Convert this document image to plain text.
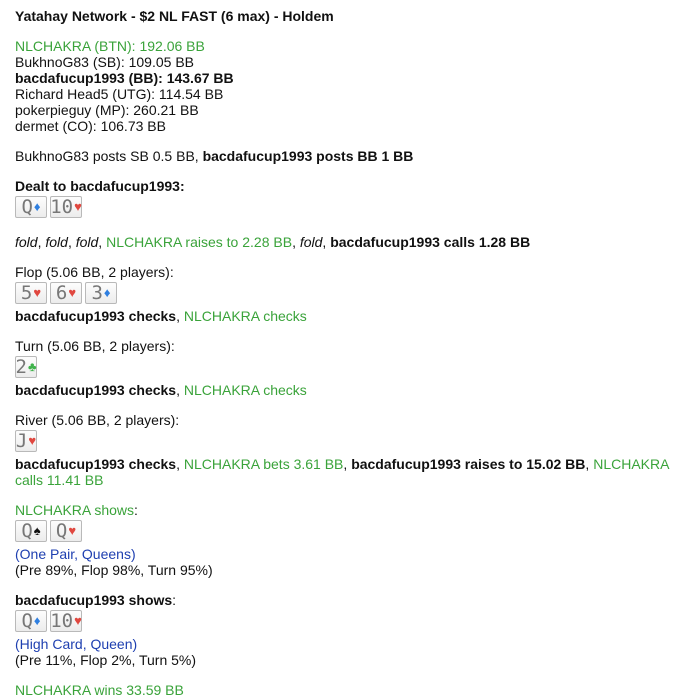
Yatahay Network - $2 NL FAST (6 max) - Holdem
NLCHAKRA (BTN): 192.06 BB
BukhnoG83 (SB): 109.05 BB
bacdafucup1993 (BB): 143.67 BB
Richard Head5 (UTG): 114.54 BB
pokerpieguy (MP): 260.21 BB
dermet (CO): 106.73 BB
BukhnoG83 posts SB 0.5 BB, bacdafucup1993 posts BB 1 BB
Dealt to bacdafucup1993:
Q ♦ 10 ♥
fold, fold, fold, NLCHAKRA raises to 2.28 BB, fold, bacdafucup1993 calls 1.28 BB
Flop (5.06 BB, 2 players):
5 ♥ 6 ♥ 3 ♦
bacdafucup1993 checks, NLCHAKRA checks
Turn (5.06 BB, 2 players):
2 ♣
bacdafucup1993 checks, NLCHAKRA checks
River (5.06 BB, 2 players):
J ♥
bacdafucup1993 checks, NLCHAKRA bets 3.61 BB, bacdafucup1993 raises to 15.02 BB, NLCHAKRA
calls 11.41 BB
NLCHAKRA shows:
Q ♠ Q ♥
(One Pair, Queens)
(Pre 89%, Flop 98%, Turn 95%)
bacdafucup1993 shows:
Q ♦ 10 ♥
(High Card, Queen)
(Pre 11%, Flop 2%, Turn 5%)
NLCHAKRA wins 33.59 BB
